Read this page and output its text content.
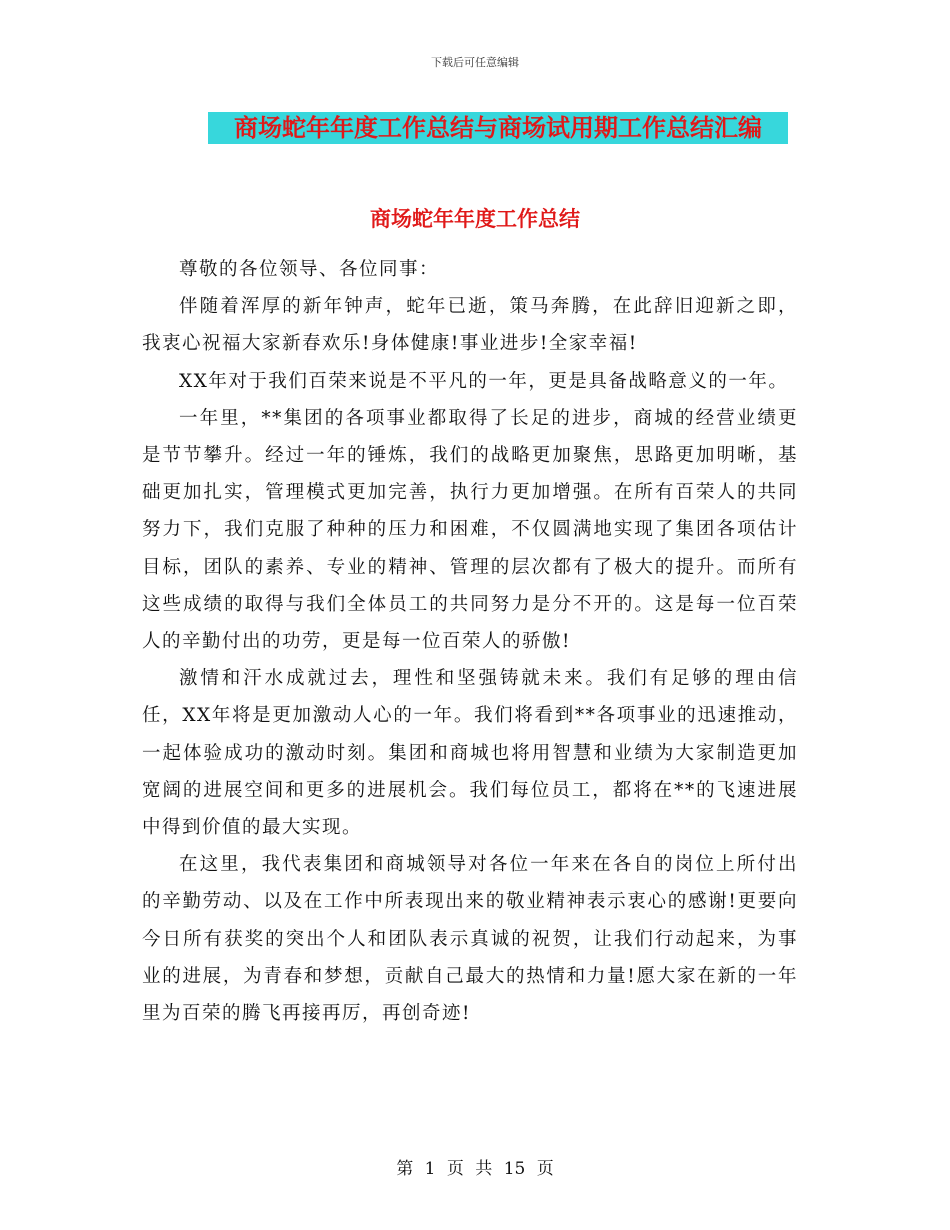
下载后可任意编辑
商场蛇年年度工作总结与商场试用期工作总结汇编
商场蛇年年度工作总结

尊敬的各位领导、各位同事：

伴随着浑厚的新年钟声，蛇年已逝，策马奔腾，在此辞旧迎新之即，我衷心祝福大家新春欢乐!身体健康!事业进步!全家幸福!

XX年对于我们百荣来说是不平凡的一年，更是具备战略意义的一年。

一年里，**集团的各项事业都取得了长足的进步，商城的经营业绩更是节节攀升。经过一年的锤炼，我们的战略更加聚焦，思路更加明晰，基础更加扎实，管理模式更加完善，执行力更加增强。在所有百荣人的共同努力下，我们克服了种种的压力和困难，不仅圆满地实现了集团各项估计目标，团队的素养、专业的精神、管理的层次都有了极大的提升。而所有这些成绩的取得与我们全体员工的共同努力是分不开的。这是每一位百荣人的辛勤付出的功劳，更是每一位百荣人的骄傲!

激情和汗水成就过去，理性和坚强铸就未来。我们有足够的理由信任，XX年将是更加激动人心的一年。我们将看到**各项事业的迅速推动，一起体验成功的激动时刻。集团和商城也将用智慧和业绩为大家制造更加宽阔的进展空间和更多的进展机会。我们每位员工，都将在**的飞速进展中得到价值的最大实现。

在这里，我代表集团和商城领导对各位一年来在各自的岗位上所付出的辛勤劳动、以及在工作中所表现出来的敬业精神表示衷心的感谢!更要向今日所有获奖的突出个人和团队表示真诚的祝贺，让我们行动起来，为事业的进展，为青春和梦想，贡献自己最大的热情和力量!愿大家在新的一年里为百荣的腾飞再接再厉，再创奇迹!

第 1 页 共 15 页
